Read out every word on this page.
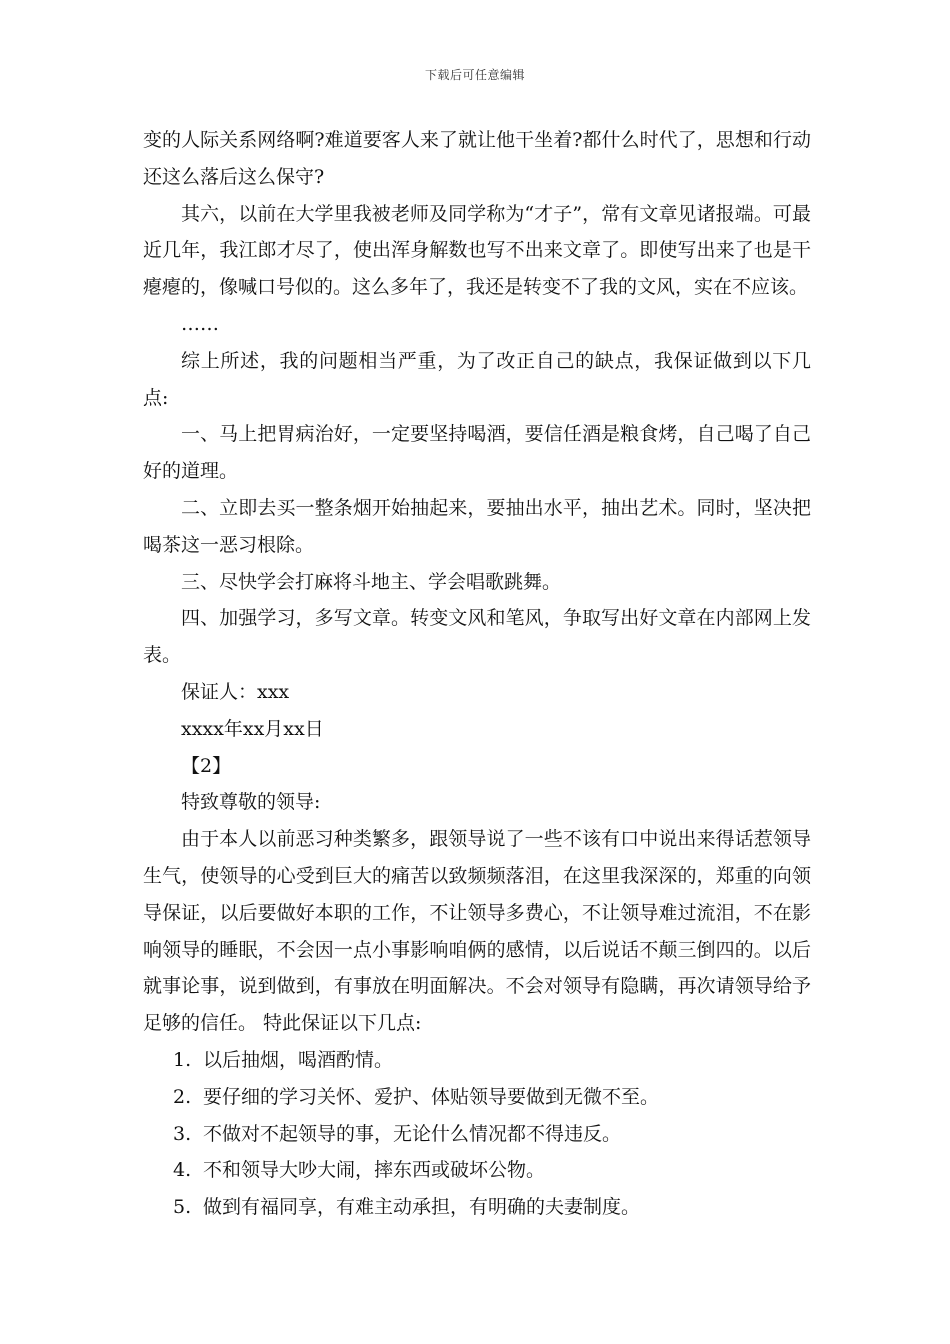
下载后可任意编辑

变的人际关系网络啊?难道要客人来了就让他干坐着?都什么时代了，思想和行动还这么落后这么保守?

其六，以前在大学里我被老师及同学称为“才子”，常有文章见诸报端。可最近几年，我江郎才尽了，使出浑身解数也写不出来文章了。即使写出来了也是干瘪瘪的，像喊口号似的。这么多年了，我还是转变不了我的文风，实在不应该。

……

综上所述，我的问题相当严重，为了改正自己的缺点，我保证做到以下几点:

一、马上把胃病治好，一定要坚持喝酒，要信任酒是粮食烤，自己喝了自己好的道理。

二、立即去买一整条烟开始抽起来，要抽出水平，抽出艺术。同时，坚决把喝茶这一恶习根除。

三、尽快学会打麻将斗地主、学会唱歌跳舞。

四、加强学习，多写文章。转变文风和笔风，争取写出好文章在内部网上发表。

保证人：xxx

xxxx年xx月xx日

【2】

特致尊敬的领导:

由于本人以前恶习种类繁多，跟领导说了一些不该有口中说出来得话惹领导生气，使领导的心受到巨大的痛苦以致频频落泪，在这里我深深的，郑重的向领导保证，以后要做好本职的工作，不让领导多费心，不让领导难过流泪，不在影响领导的睡眠，不会因一点小事影响咱俩的感情，以后说话不颠三倒四的。以后就事论事，说到做到，有事放在明面解决。不会对领导有隐瞒，再次请领导给予足够的信任。 特此保证以下几点:

1. 以后抽烟，喝酒酌情。

2. 要仔细的学习关怀、爱护、体贴领导要做到无微不至。

3. 不做对不起领导的事，无论什么情况都不得违反。

4. 不和领导大吵大闹，摔东西或破坏公物。

5. 做到有福同享，有难主动承担，有明确的夫妻制度。
